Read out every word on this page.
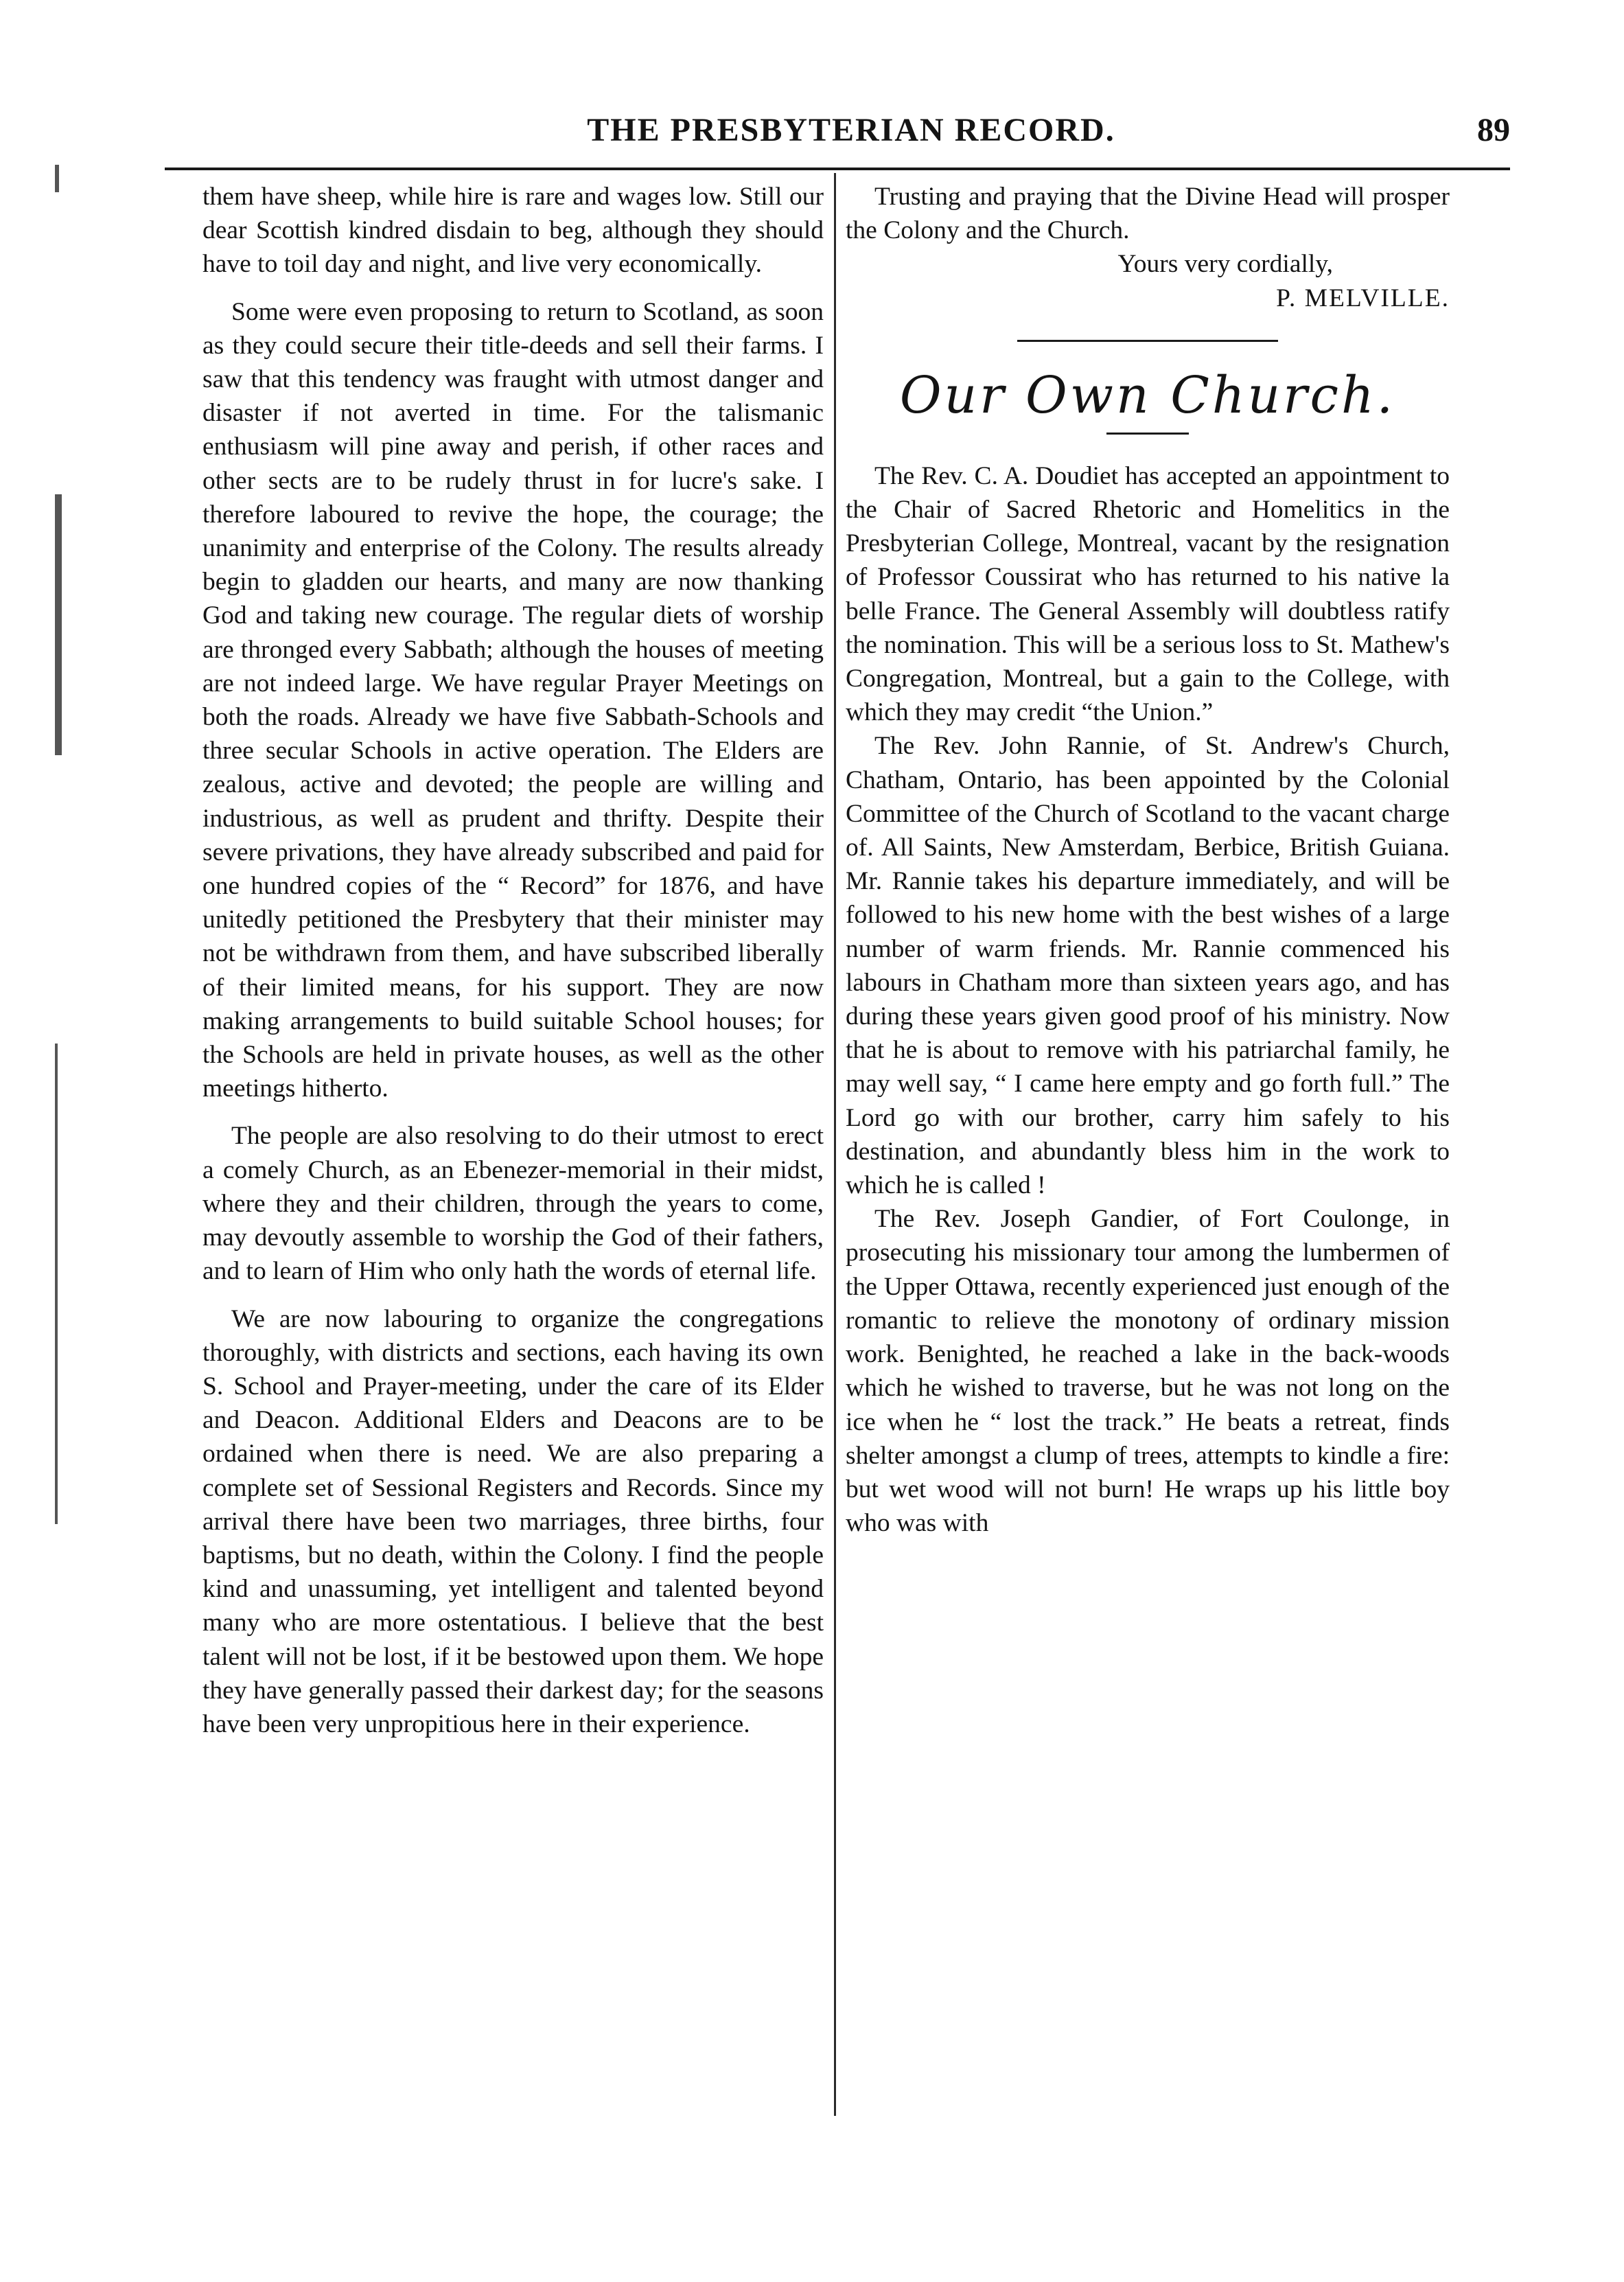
THE PRESBYTERIAN RECORD.	89

them have sheep, while hire is rare and wages low. Still our dear Scottish kindred disdain to beg, although they should have to toil day and night, and live very economically.

Some were even proposing to return to Scotland, as soon as they could secure their title-deeds and sell their farms. I saw that this tendency was fraught with utmost danger and disaster if not averted in time. For the talismanic enthusiasm will pine away and perish, if other races and other sects are to be rudely thrust in for lucre's sake. I therefore laboured to revive the hope, the courage; the unanimity and enterprise of the Colony. The results already begin to gladden our hearts, and many are now thanking God and taking new courage. The regular diets of worship are thronged every Sabbath; although the houses of meeting are not indeed large. We have regular Prayer Meetings on both the roads. Already we have five Sabbath-Schools and three secular Schools in active operation. The Elders are zealous, active and devoted; the people are willing and industrious, as well as prudent and thrifty. Despite their severe privations, they have already subscribed and paid for one hundred copies of the “ Record” for 1876, and have unitedly petitioned the Presbytery that their minister may not be withdrawn from them, and have subscribed liberally of their limited means, for his support. They are now making arrangements to build suitable School houses; for the Schools are held in private houses, as well as the other meetings hitherto.

The people are also resolving to do their utmost to erect a comely Church, as an Ebenezer-memorial in their midst, where they and their children, through the years to come, may devoutly assemble to worship the God of their fathers, and to learn of Him who only hath the words of eternal life.

We are now labouring to organize the congregations thoroughly, with districts and sections, each having its own S. School and Prayer-meeting, under the care of its Elder and Deacon. Additional Elders and Deacons are to be ordained when there is need. We are also preparing a complete set of Sessional Registers and Records. Since my arrival there have been two marriages, three births, four baptisms, but no death, within the Colony. I find the people kind and unassuming, yet intelligent and talented beyond many who are more ostentatious. I believe that the best talent will not be lost, if it be bestowed upon them. We hope they have generally passed their darkest day; for the seasons have been very unpropitious here in their experience.

Trusting and praying that the Divine Head will prosper the Colony and the Church.

Yours very cordially,

P. MELVILLE.

Our Own Church.

The Rev. C. A. Doudiet has accepted an appointment to the Chair of Sacred Rhetoric and Homelitics in the Presbyterian College, Montreal, vacant by the resignation of Professor Coussirat who has returned to his native la belle France. The General Assembly will doubtless ratify the nomination. This will be a serious loss to St. Mathew's Congregation, Montreal, but a gain to the College, with which they may credit “the Union.”

The Rev. John Rannie, of St. Andrew's Church, Chatham, Ontario, has been appointed by the Colonial Committee of the Church of Scotland to the vacant charge of. All Saints, New Amsterdam, Berbice, British Guiana. Mr. Rannie takes his departure immediately, and will be followed to his new home with the best wishes of a large number of warm friends. Mr. Rannie commenced his labours in Chatham more than sixteen years ago, and has during these years given good proof of his ministry. Now that he is about to remove with his patriarchal family, he may well say, “ I came here empty and go forth full.” The Lord go with our brother, carry him safely to his destination, and abundantly bless him in the work to which he is called !

The Rev. Joseph Gandier, of Fort Coulonge, in prosecuting his missionary tour among the lumbermen of the Upper Ottawa, recently experienced just enough of the romantic to relieve the monotony of ordinary mission work. Benighted, he reached a lake in the back-woods which he wished to traverse, but he was not long on the ice when he “ lost the track.” He beats a retreat, finds shelter amongst a clump of trees, attempts to kindle a fire: but wet wood will not burn! He wraps up his little boy who was with
